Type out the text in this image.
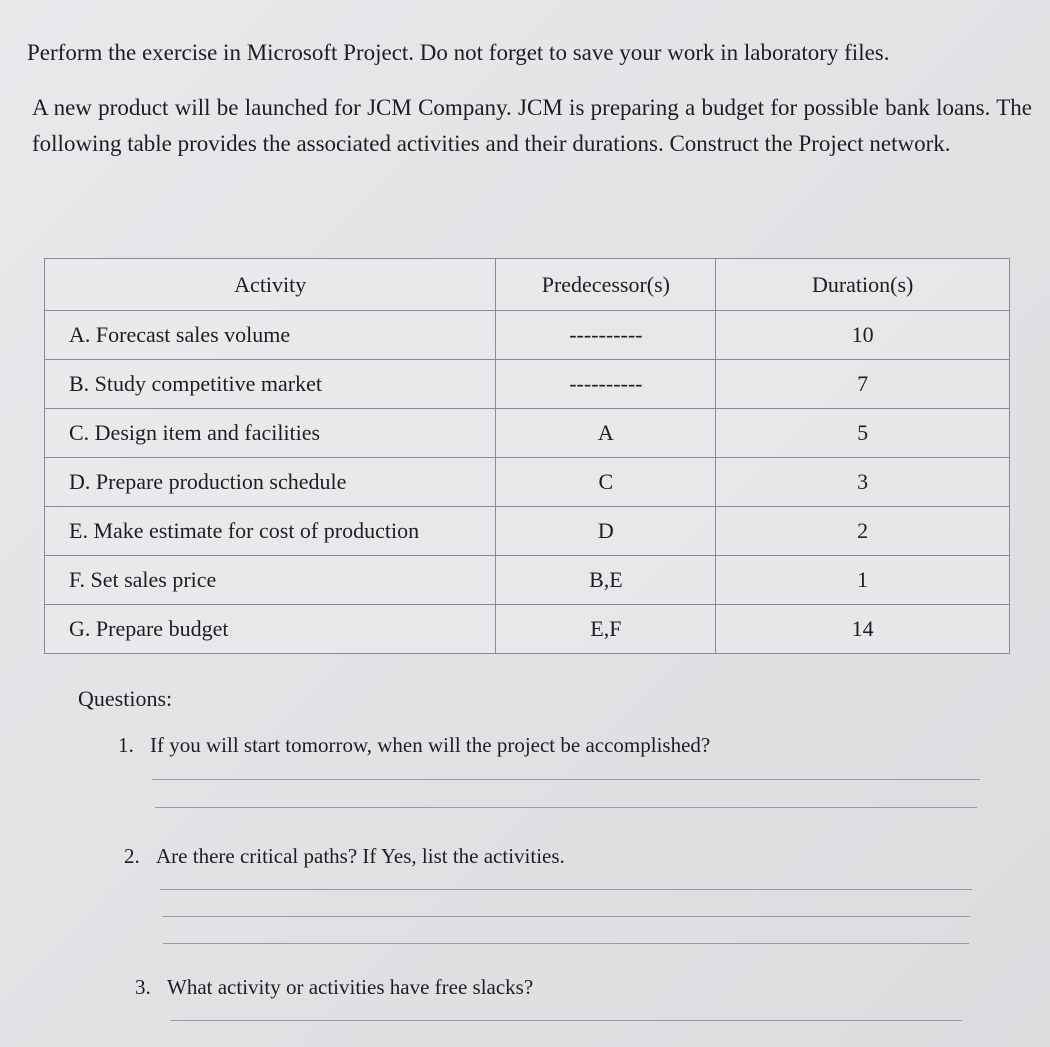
Perform the exercise in Microsoft Project. Do not forget to save your work in laboratory files.
A new product will be launched for JCM Company. JCM is preparing a budget for possible bank loans. The following table provides the associated activities and their durations. Construct the Project network.
Activity	Predecessor(s)	Duration(s)
A. Forecast sales volume	----------	10
B. Study competitive market	----------	7
C. Design item and facilities	A	5
D. Prepare production schedule	C	3
E. Make estimate for cost of production	D	2
F. Set sales price	B,E	1
G. Prepare budget	E,F	14
Questions:
1. If you will start tomorrow, when will the project be accomplished?
2. Are there critical paths? If Yes, list the activities.
3. What activity or activities have free slacks?
